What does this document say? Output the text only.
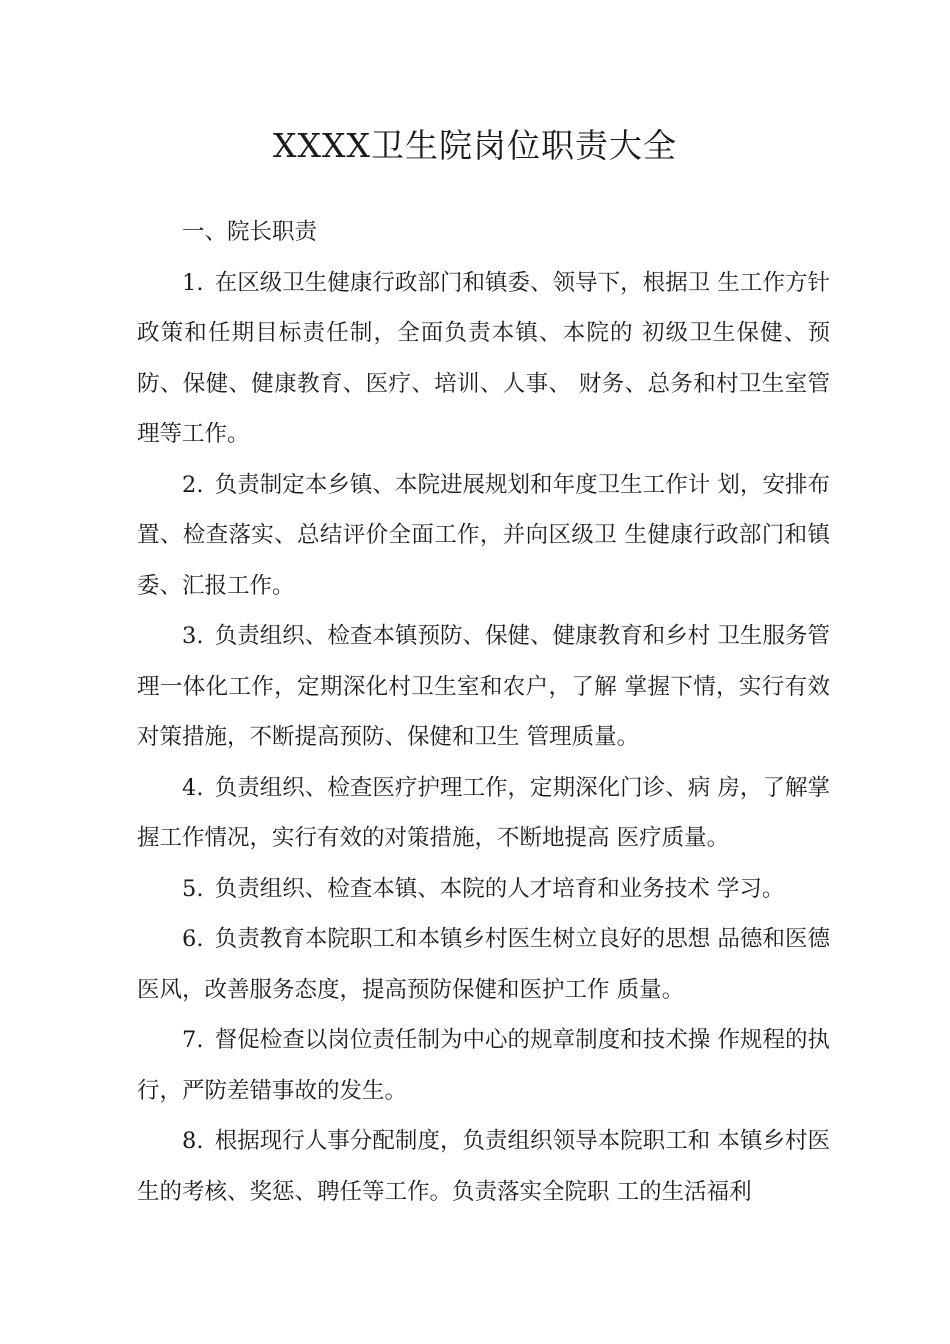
XXXX卫生院岗位职责大全
一、院长职责

1. 在区级卫生健康行政部门和镇委、领导下，根据卫 生工作方针政策和任期目标责任制，全面负责本镇、本院的 初级卫生保健、预防、保健、健康教育、医疗、培训、人事、 财务、总务和村卫生室管理等工作。

2. 负责制定本乡镇、本院进展规划和年度卫生工作计 划，安排布置、检查落实、总结评价全面工作，并向区级卫 生健康行政部门和镇委、汇报工作。

3. 负责组织、检查本镇预防、保健、健康教育和乡村 卫生服务管理一体化工作，定期深化村卫生室和农户，了解 掌握下情，实行有效对策措施，不断提高预防、保健和卫生 管理质量。

4. 负责组织、检查医疗护理工作，定期深化门诊、病 房，了解掌握工作情况，实行有效的对策措施，不断地提高 医疗质量。

5. 负责组织、检查本镇、本院的人才培育和业务技术 学习。

6. 负责教育本院职工和本镇乡村医生树立良好的思想 品德和医德医风，改善服务态度，提高预防保健和医护工作 质量。

7. 督促检查以岗位责任制为中心的规章制度和技术操 作规程的执行，严防差错事故的发生。

8. 根据现行人事分配制度，负责组织领导本院职工和 本镇乡村医生的考核、奖惩、聘任等工作。负责落实全院职 工的生活福利
